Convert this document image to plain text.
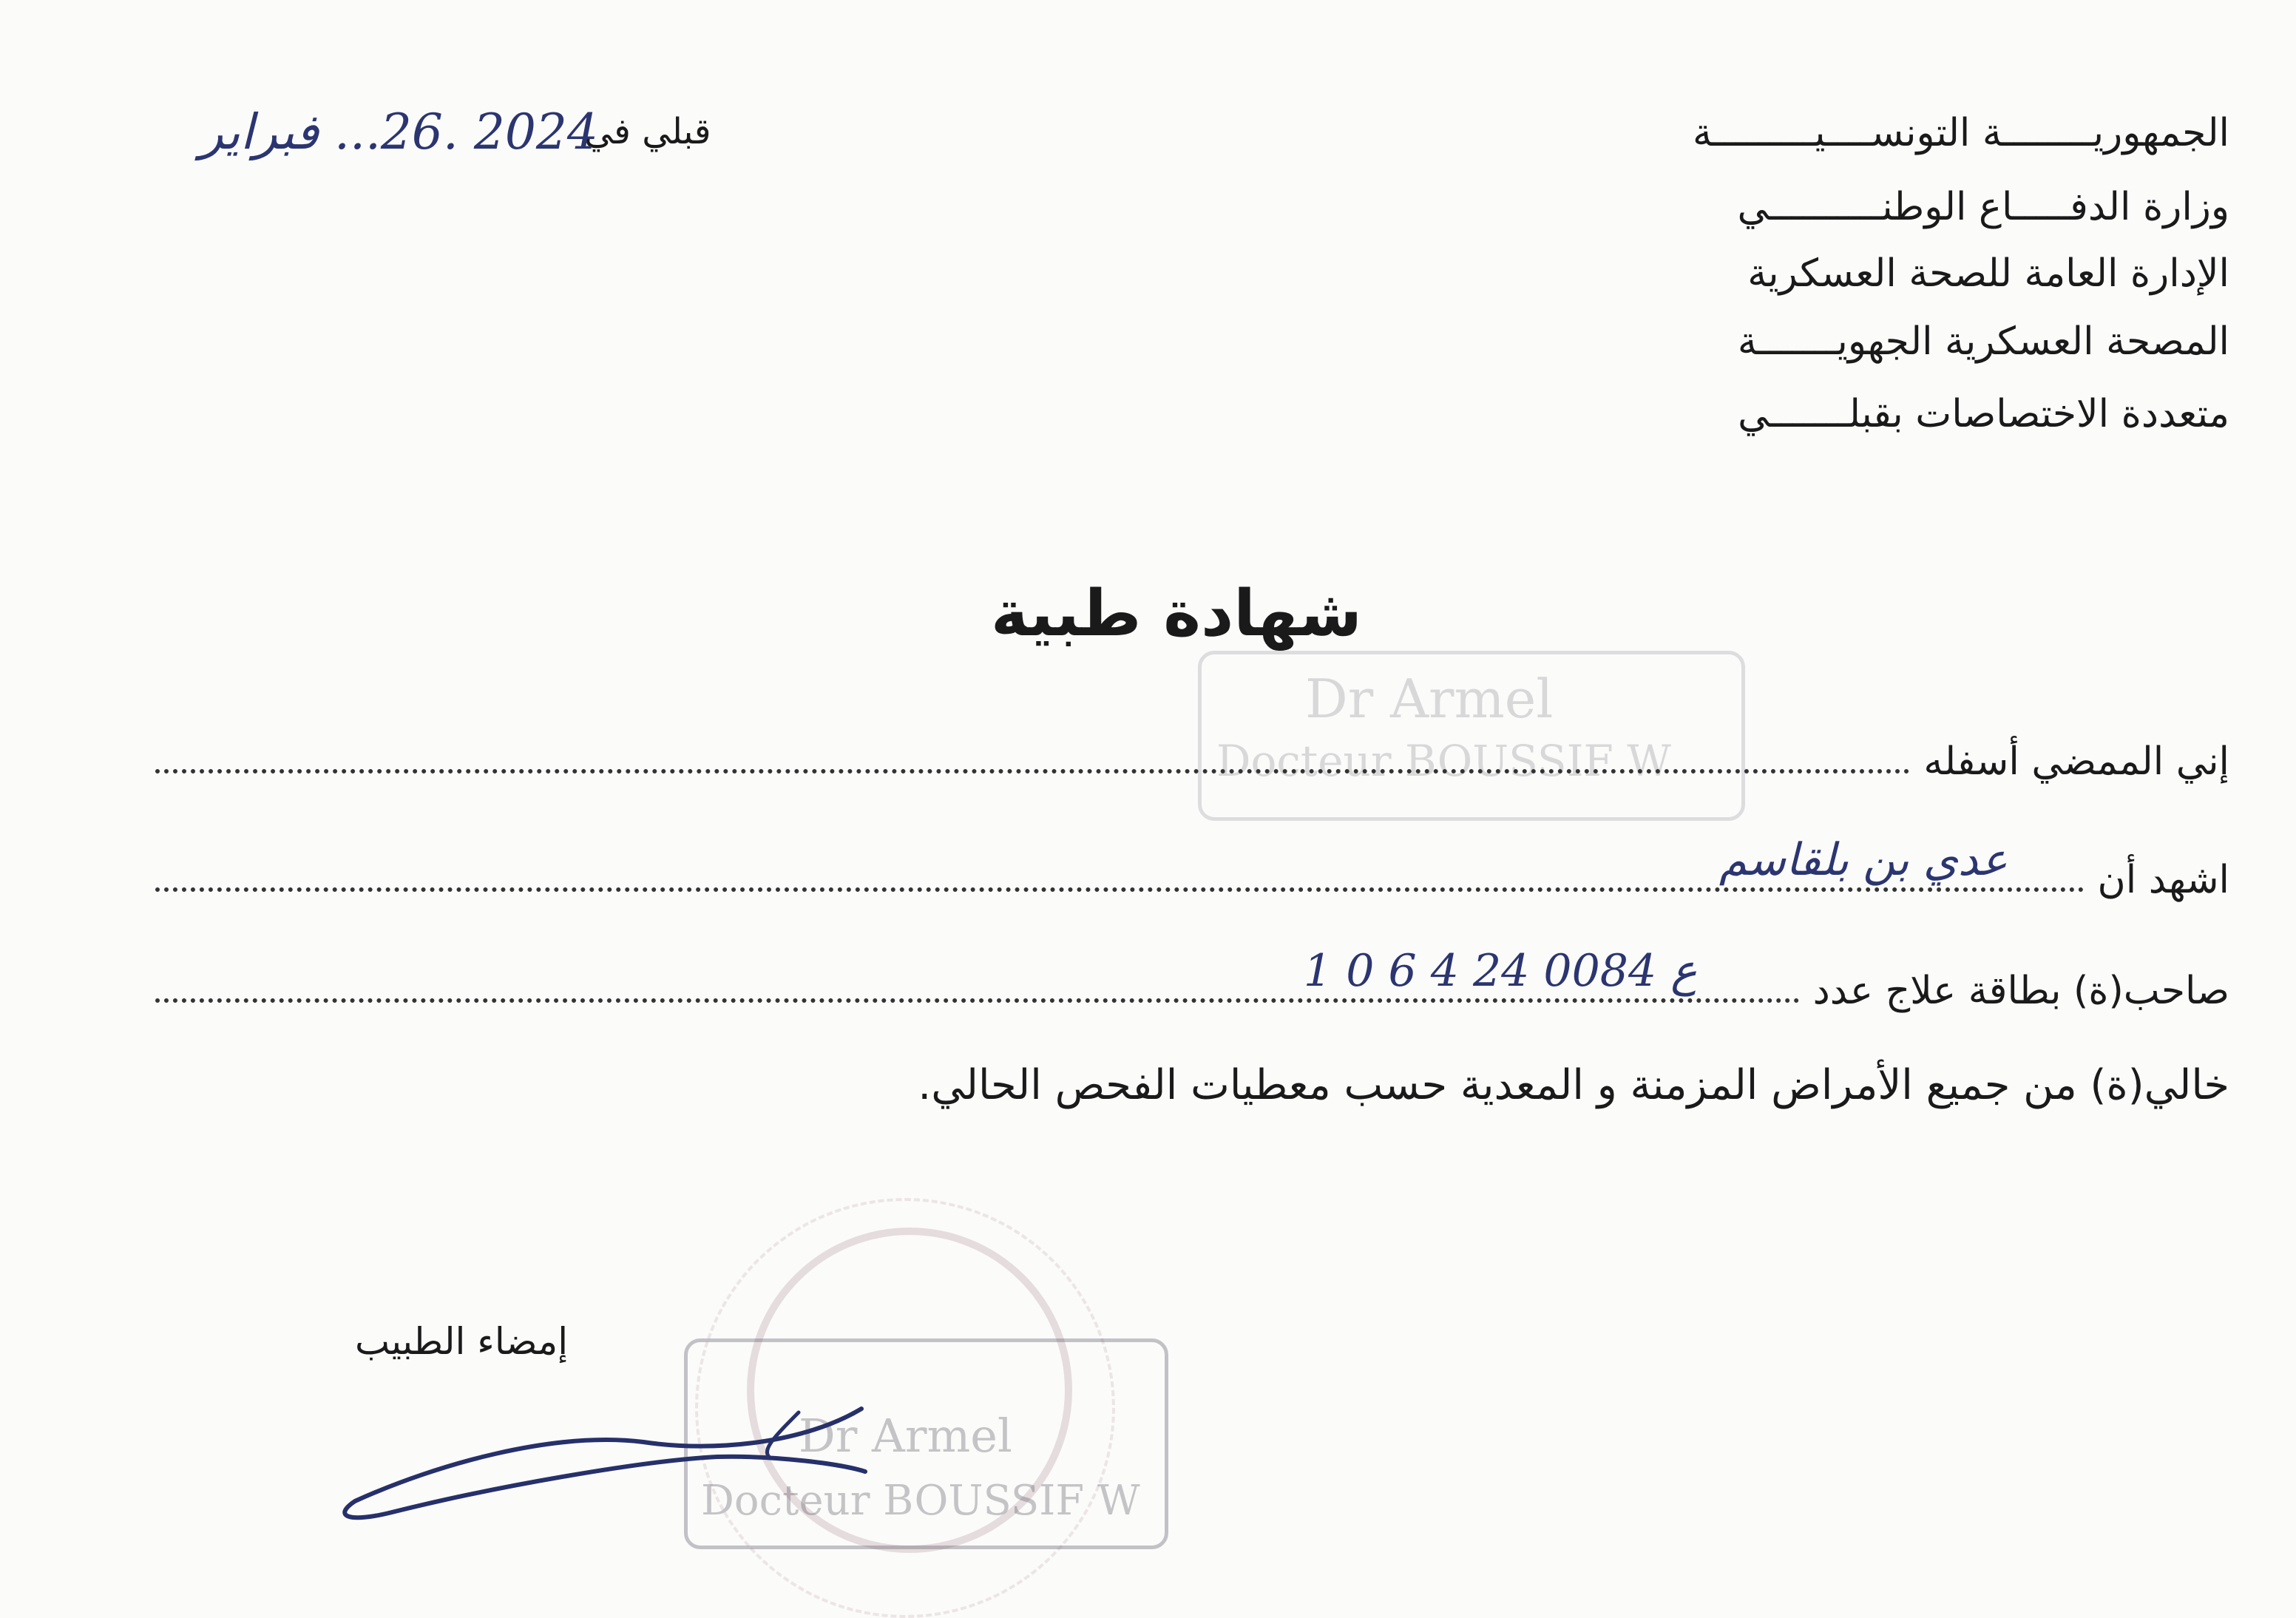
Dr Armel
Docteur BOUSSIF W
الجمهوريــــــــة التونســــيـــــــــة
وزارة الدفـــــاع الوطنــــــــــي
الإدارة العامة للصحة العسكرية
المصحة العسكرية الجهويـــــــة
متعددة الاختصاصات بقبلـــــــي
قبلي في
2024 .26... فبراير
شهادة طبية
إني الممضي أسفله
اشهد أن
عدي بن بلقاسم
صاحب(ة) بطاقة علاج عدد
ع 0084 24 4 6 0 1
خالي(ة) من جميع الأمراض المزمنة و المعدية حسب معطيات الفحص الحالي.
إمضاء الطبيب
Dr Armel
Docteur BOUSSIF W
